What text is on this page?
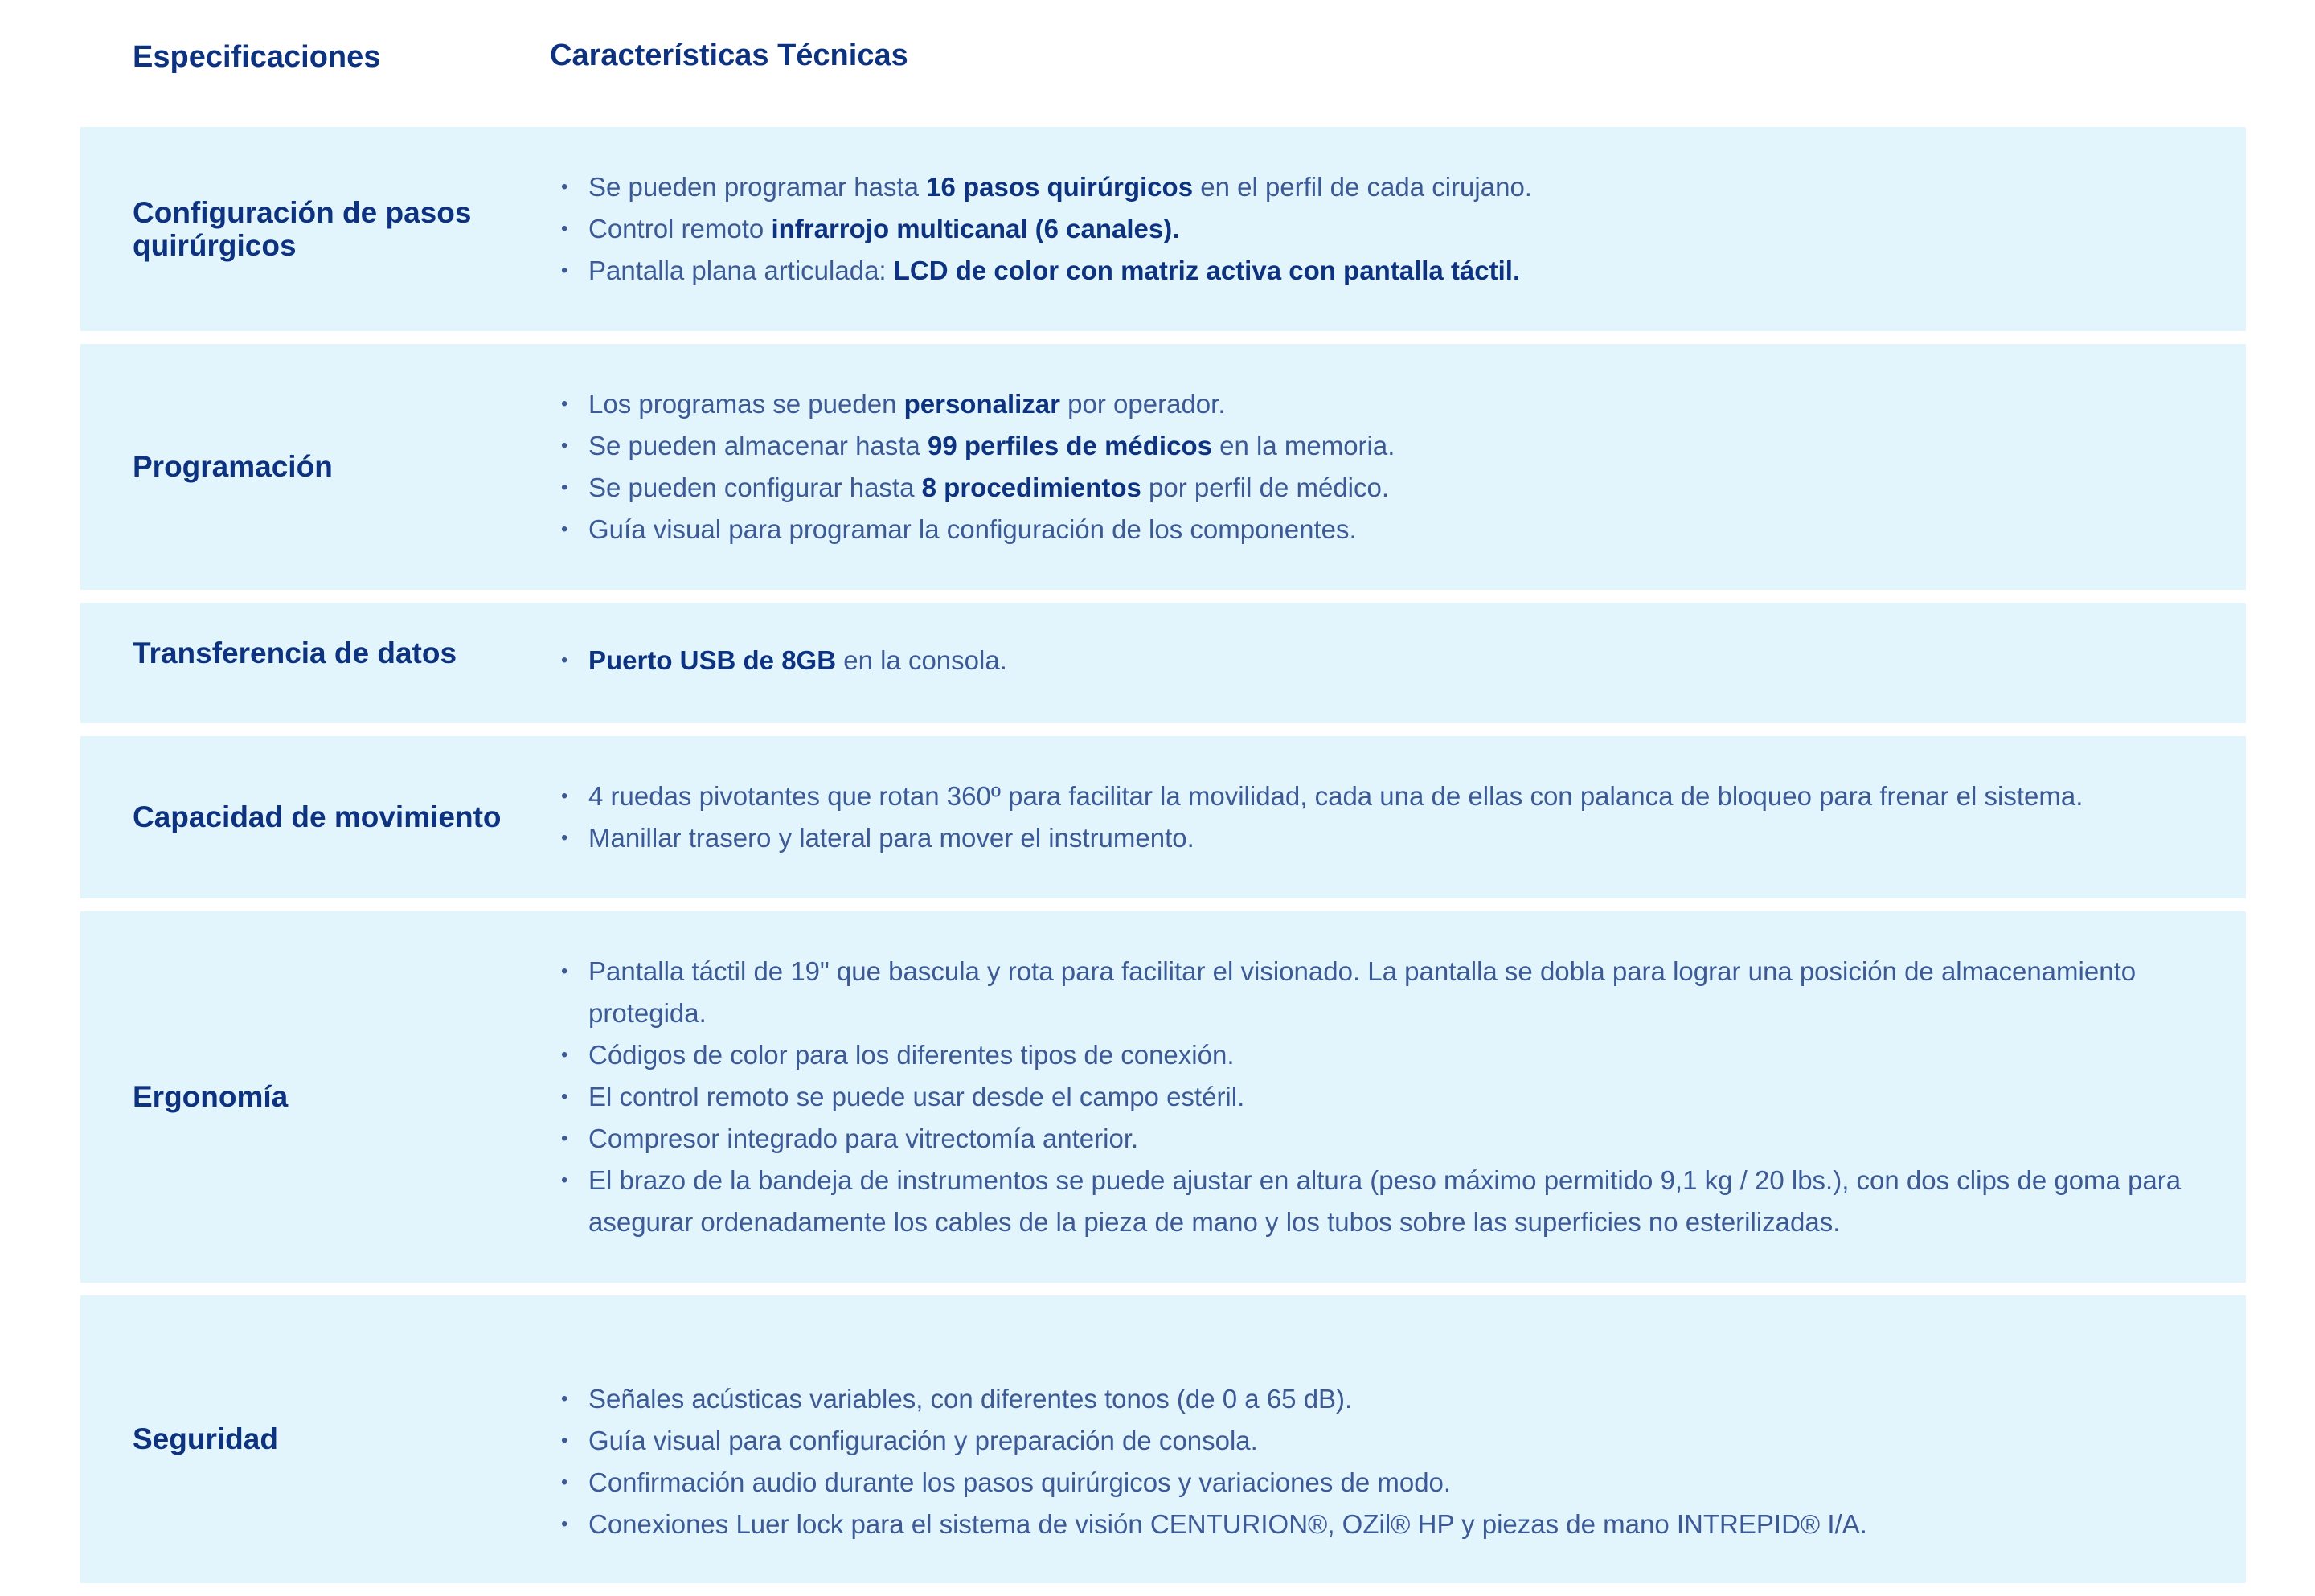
Especificaciones	Características Técnicas
Configuración de pasos quirúrgicos
• Se pueden programar hasta 16 pasos quirúrgicos en el perfil de cada cirujano.
• Control remoto infrarrojo multicanal (6 canales).
• Pantalla plana articulada: LCD de color con matriz activa con pantalla táctil.
Programación
• Los programas se pueden personalizar por operador.
• Se pueden almacenar hasta 99 perfiles de médicos en la memoria.
• Se pueden configurar hasta 8 procedimientos por perfil de médico.
• Guía visual para programar la configuración de los componentes.
Transferencia de datos
•	Puerto USB de 8GB en la consola.
Capacidad de movimiento
• 4 ruedas pivotantes que rotan 360º para facilitar la movilidad, cada una de ellas con palanca de bloqueo para frenar el sistema.
• Manillar trasero y lateral para mover el instrumento.
Ergonomía
• Pantalla táctil de 19" que bascula y rota para facilitar el visionado. La pantalla se dobla para lograr una posición de almacenamiento protegida.
• Códigos de color para los diferentes tipos de conexión.
• El control remoto se puede usar desde el campo estéril.
• Compresor integrado para vitrectomía anterior.
• El brazo de la bandeja de instrumentos se puede ajustar en altura (peso máximo permitido 9,1 kg / 20 lbs.), con dos clips de goma para asegurar ordenadamente los cables de la pieza de mano y los tubos sobre las superficies no esterilizadas.
Seguridad
• Señales acústicas variables, con diferentes tonos (de 0 a 65 dB).
• Guía visual para configuración y preparación de consola.
• Confirmación audio durante los pasos quirúrgicos y variaciones de modo.
• Conexiones Luer lock para el sistema de visión CENTURION®, OZil® HP y piezas de mano INTREPID® I/A.
